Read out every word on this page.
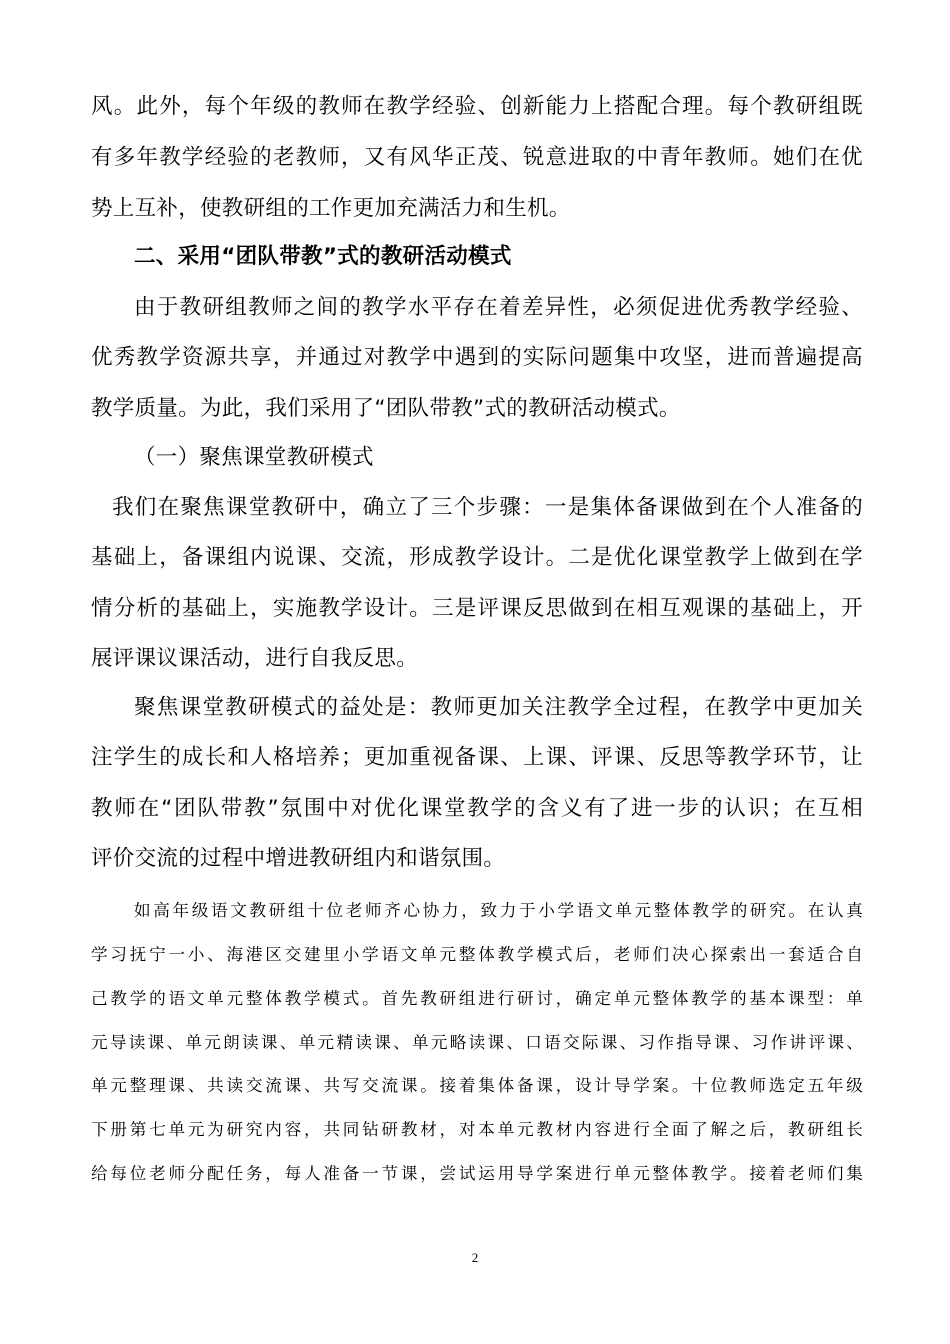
风。此外，每个年级的教师在教学经验、创新能力上搭配合理。每个教研组既
有多年教学经验的老教师，又有风华正茂、锐意进取的中青年教师。她们在优
势上互补，使教研组的工作更加充满活力和生机。
二、采用“团队带教”式的教研活动模式
由于教研组教师之间的教学水平存在着差异性，必须促进优秀教学经验、
优秀教学资源共享，并通过对教学中遇到的实际问题集中攻坚，进而普遍提高
教学质量。为此，我们采用了“团队带教”式的教研活动模式。
（一）聚焦课堂教研模式
我们在聚焦课堂教研中，确立了三个步骤：一是集体备课做到在个人准备的
基础上，备课组内说课、交流，形成教学设计。二是优化课堂教学上做到在学
情分析的基础上，实施教学设计。三是评课反思做到在相互观课的基础上，开
展评课议课活动，进行自我反思。
聚焦课堂教研模式的益处是：教师更加关注教学全过程，在教学中更加关
注学生的成长和人格培养；更加重视备课、上课、评课、反思等教学环节，让
教师在“团队带教”氛围中对优化课堂教学的含义有了进一步的认识；在互相
评价交流的过程中增进教研组内和谐氛围。
如高年级语文教研组十位老师齐心协力，致力于小学语文单元整体教学的研究。在认真
学习抚宁一小、海港区交建里小学语文单元整体教学模式后，老师们决心探索出一套适合自
己教学的语文单元整体教学模式。首先教研组进行研讨，确定单元整体教学的基本课型：单
元导读课、单元朗读课、单元精读课、单元略读课、口语交际课、习作指导课、习作讲评课、
单元整理课、共读交流课、共写交流课。接着集体备课，设计导学案。十位教师选定五年级
下册第七单元为研究内容，共同钻研教材，对本单元教材内容进行全面了解之后，教研组长
给每位老师分配任务，每人准备一节课，尝试运用导学案进行单元整体教学。接着老师们集
2
